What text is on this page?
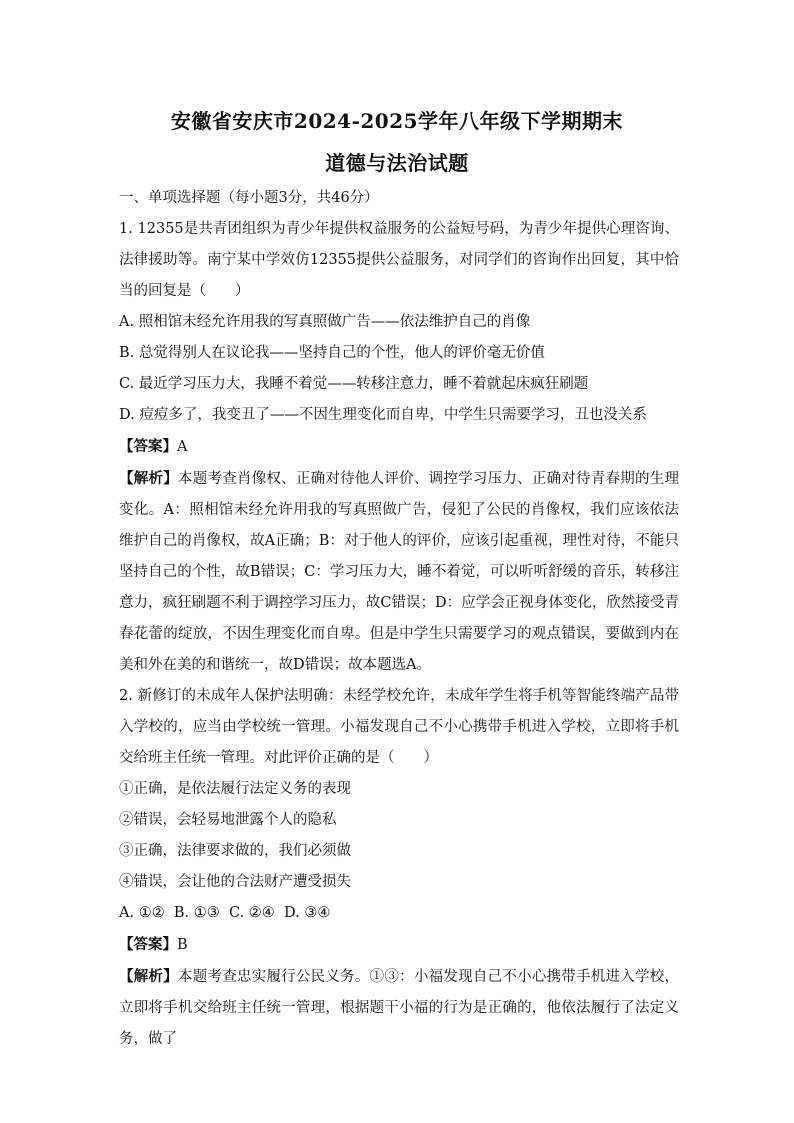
安徽省安庆市2024-2025学年八年级下学期期末
道德与法治试题

一、单项选择题（每小题3分，共46分）

1. 12355是共青团组织为青少年提供权益服务的公益短号码，为青少年提供心理咨询、法律援助等。南宁某中学效仿12355提供公益服务，对同学们的咨询作出回复，其中恰当的回复是（　　）

A. 照相馆未经允许用我的写真照做广告——依法维护自己的肖像

B. 总觉得别人在议论我——坚持自己的个性，他人的评价毫无价值

C. 最近学习压力大，我睡不着觉——转移注意力，睡不着就起床疯狂刷题

D. 痘痘多了，我变丑了——不因生理变化而自卑，中学生只需要学习，丑也没关系

【答案】A

【解析】本题考查肖像权、正确对待他人评价、调控学习压力、正确对待青春期的生理变化。A：照相馆未经允许用我的写真照做广告，侵犯了公民的肖像权，我们应该依法维护自己的肖像权，故A正确；B：对于他人的评价，应该引起重视，理性对待，不能只坚持自己的个性，故B错误；C：学习压力大，睡不着觉，可以听听舒缓的音乐，转移注意力，疯狂刷题不利于调控学习压力，故C错误；D：应学会正视身体变化，欣然接受青春花蕾的绽放，不因生理变化而自卑。但是中学生只需要学习的观点错误，要做到内在美和外在美的和谐统一，故D错误；故本题选A。

2. 新修订的未成年人保护法明确：未经学校允许，未成年学生将手机等智能终端产品带入学校的，应当由学校统一管理。小福发现自己不小心携带手机进入学校，立即将手机交给班主任统一管理。对此评价正确的是（　　）

①正确，是依法履行法定义务的表现

②错误，会轻易地泄露个人的隐私

③正确，法律要求做的，我们必须做

④错误，会让他的合法财产遭受损失

A. ①②  B. ①③  C. ②④  D. ③④

【答案】B

【解析】本题考查忠实履行公民义务。①③：小福发现自己不小心携带手机进入学校，立即将手机交给班主任统一管理，根据题干小福的行为是正确的，他依法履行了法定义务，做了
